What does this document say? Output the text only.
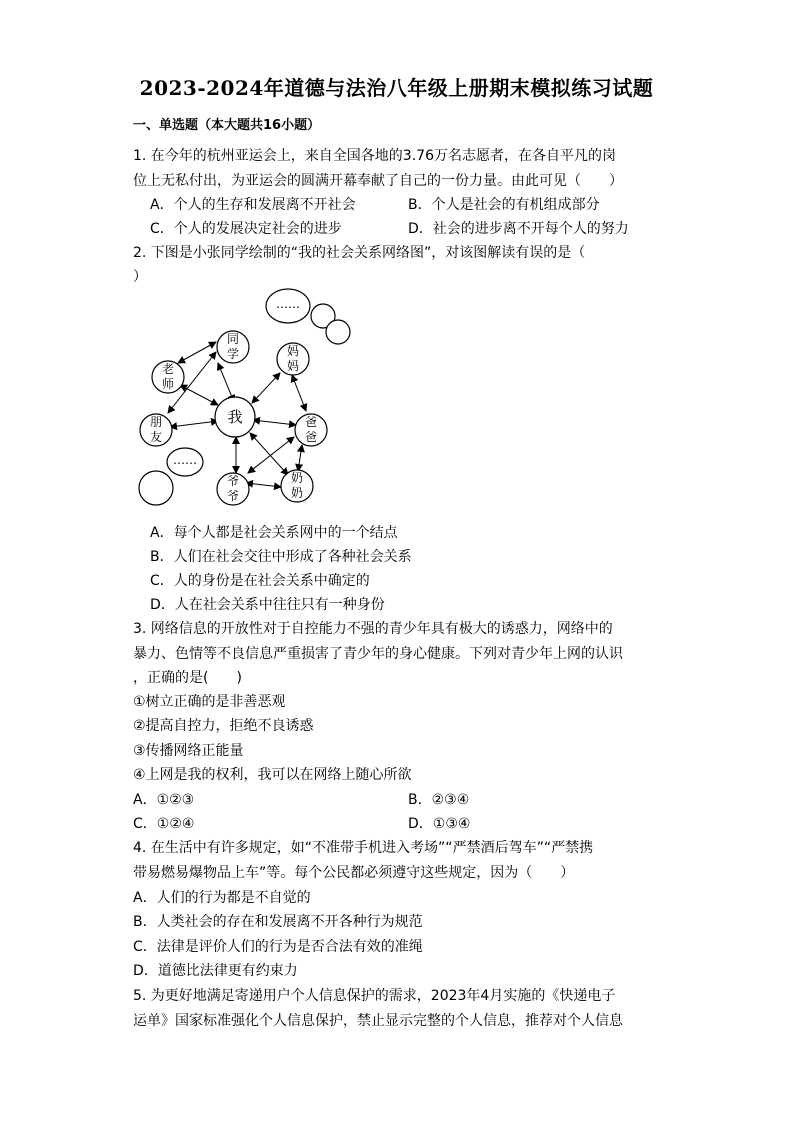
2023-2024年道德与法治八年级上册期末模拟练习试题
一、单选题（本大题共16小题）
1. 在今年的杭州亚运会上，来自全国各地的3.76万名志愿者，在各自平凡的岗
位上无私付出，为亚运会的圆满开幕奉献了自己的一份力量。由此可见（　　）
A．个人的生存和发展离不开社会	B．个人是社会的有机组成部分
C．个人的发展决定社会的进步	D．社会的进步离不开每个人的努力
2. 下图是小张同学绘制的“我的社会关系网络图”，对该图解读有误的是（
）
……
……
我
同
学
老
师
妈
妈
朋
友
爸
爸
爷
爷
奶
奶
A．每个人都是社会关系网中的一个结点
B．人们在社会交往中形成了各种社会关系
C．人的身份是在社会关系中确定的
D．人在社会关系中往往只有一种身份
3. 网络信息的开放性对于自控能力不强的青少年具有极大的诱惑力，网络中的
暴力、色情等不良信息严重损害了青少年的身心健康。下列对青少年上网的认识
，正确的是(　　)
①树立正确的是非善恶观
②提高自控力，拒绝不良诱惑
③传播网络正能量
④上网是我的权利，我可以在网络上随心所欲
A．①②③	B．②③④
C．①②④	D．①③④
4. 在生活中有许多规定，如“不准带手机进入考场”“严禁酒后驾车”“严禁携
带易燃易爆物品上车”等。每个公民都必须遵守这些规定，因为（　　）
A．人们的行为都是不自觉的
B．人类社会的存在和发展离不开各种行为规范
C．法律是评价人们的行为是否合法有效的准绳
D．道德比法律更有约束力
5. 为更好地满足寄递用户个人信息保护的需求，2023年4月实施的《快递电子
运单》国家标准强化个人信息保护，禁止显示完整的个人信息，推荐对个人信息
